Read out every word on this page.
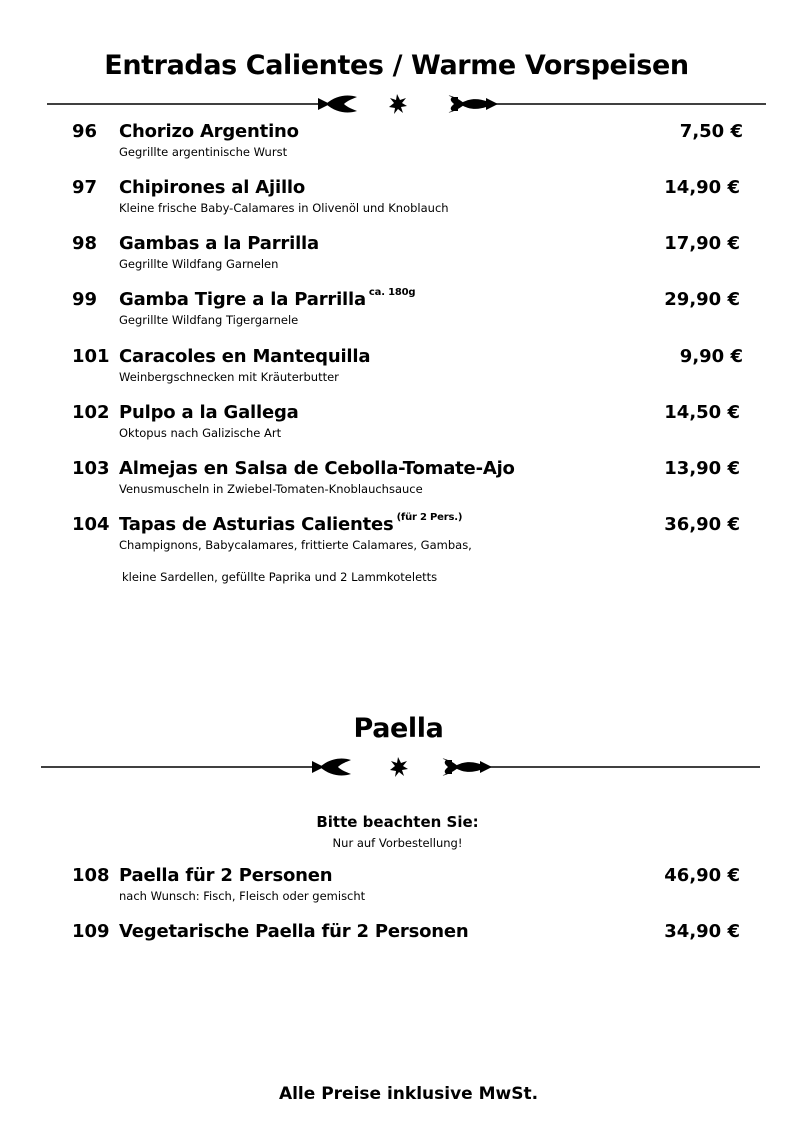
Entradas Calientes / Warme Vorspeisen
96 Chorizo Argentino	7,50 €
Gegrillte argentinische Wurst
97 Chipirones al Ajillo	14,90 €
Kleine frische Baby-Calamares in Olivenöl und Knoblauch
98 Gambas a la Parrilla	17,90 €
Gegrillte Wildfang Garnelen
99 Gamba Tigre a la Parrilla $^{ca. 180g}$	29,90 €
Gegrillte Wildfang Tigergarnele
101 Caracoles en Mantequilla	9,90 €
Weinbergschnecken mit Kräuterbutter
102 Pulpo a la Gallega	14,50 €
Oktopus nach Galizische Art
103 Almejas en Salsa de Cebolla-Tomate-Ajo	13,90 €
Venusmuscheln in Zwiebel-Tomaten-Knoblauchsauce
104 Tapas de Asturias Calientes $^{(für 2 Pers.)}$	36,90 €
Champignons, Babycalamares, frittierte Calamares, Gambas,
kleine Sardellen, gefüllte Paprika und 2 Lammkoteletts
Paella
Bitte beachten Sie:
Nur auf Vorbestellung!
108 Paella für 2 Personen	46,90 €
nach Wunsch: Fisch, Fleisch oder gemischt
109 Vegetarische Paella für 2 Personen	34,90 €
Alle Preise inklusive MwSt.
